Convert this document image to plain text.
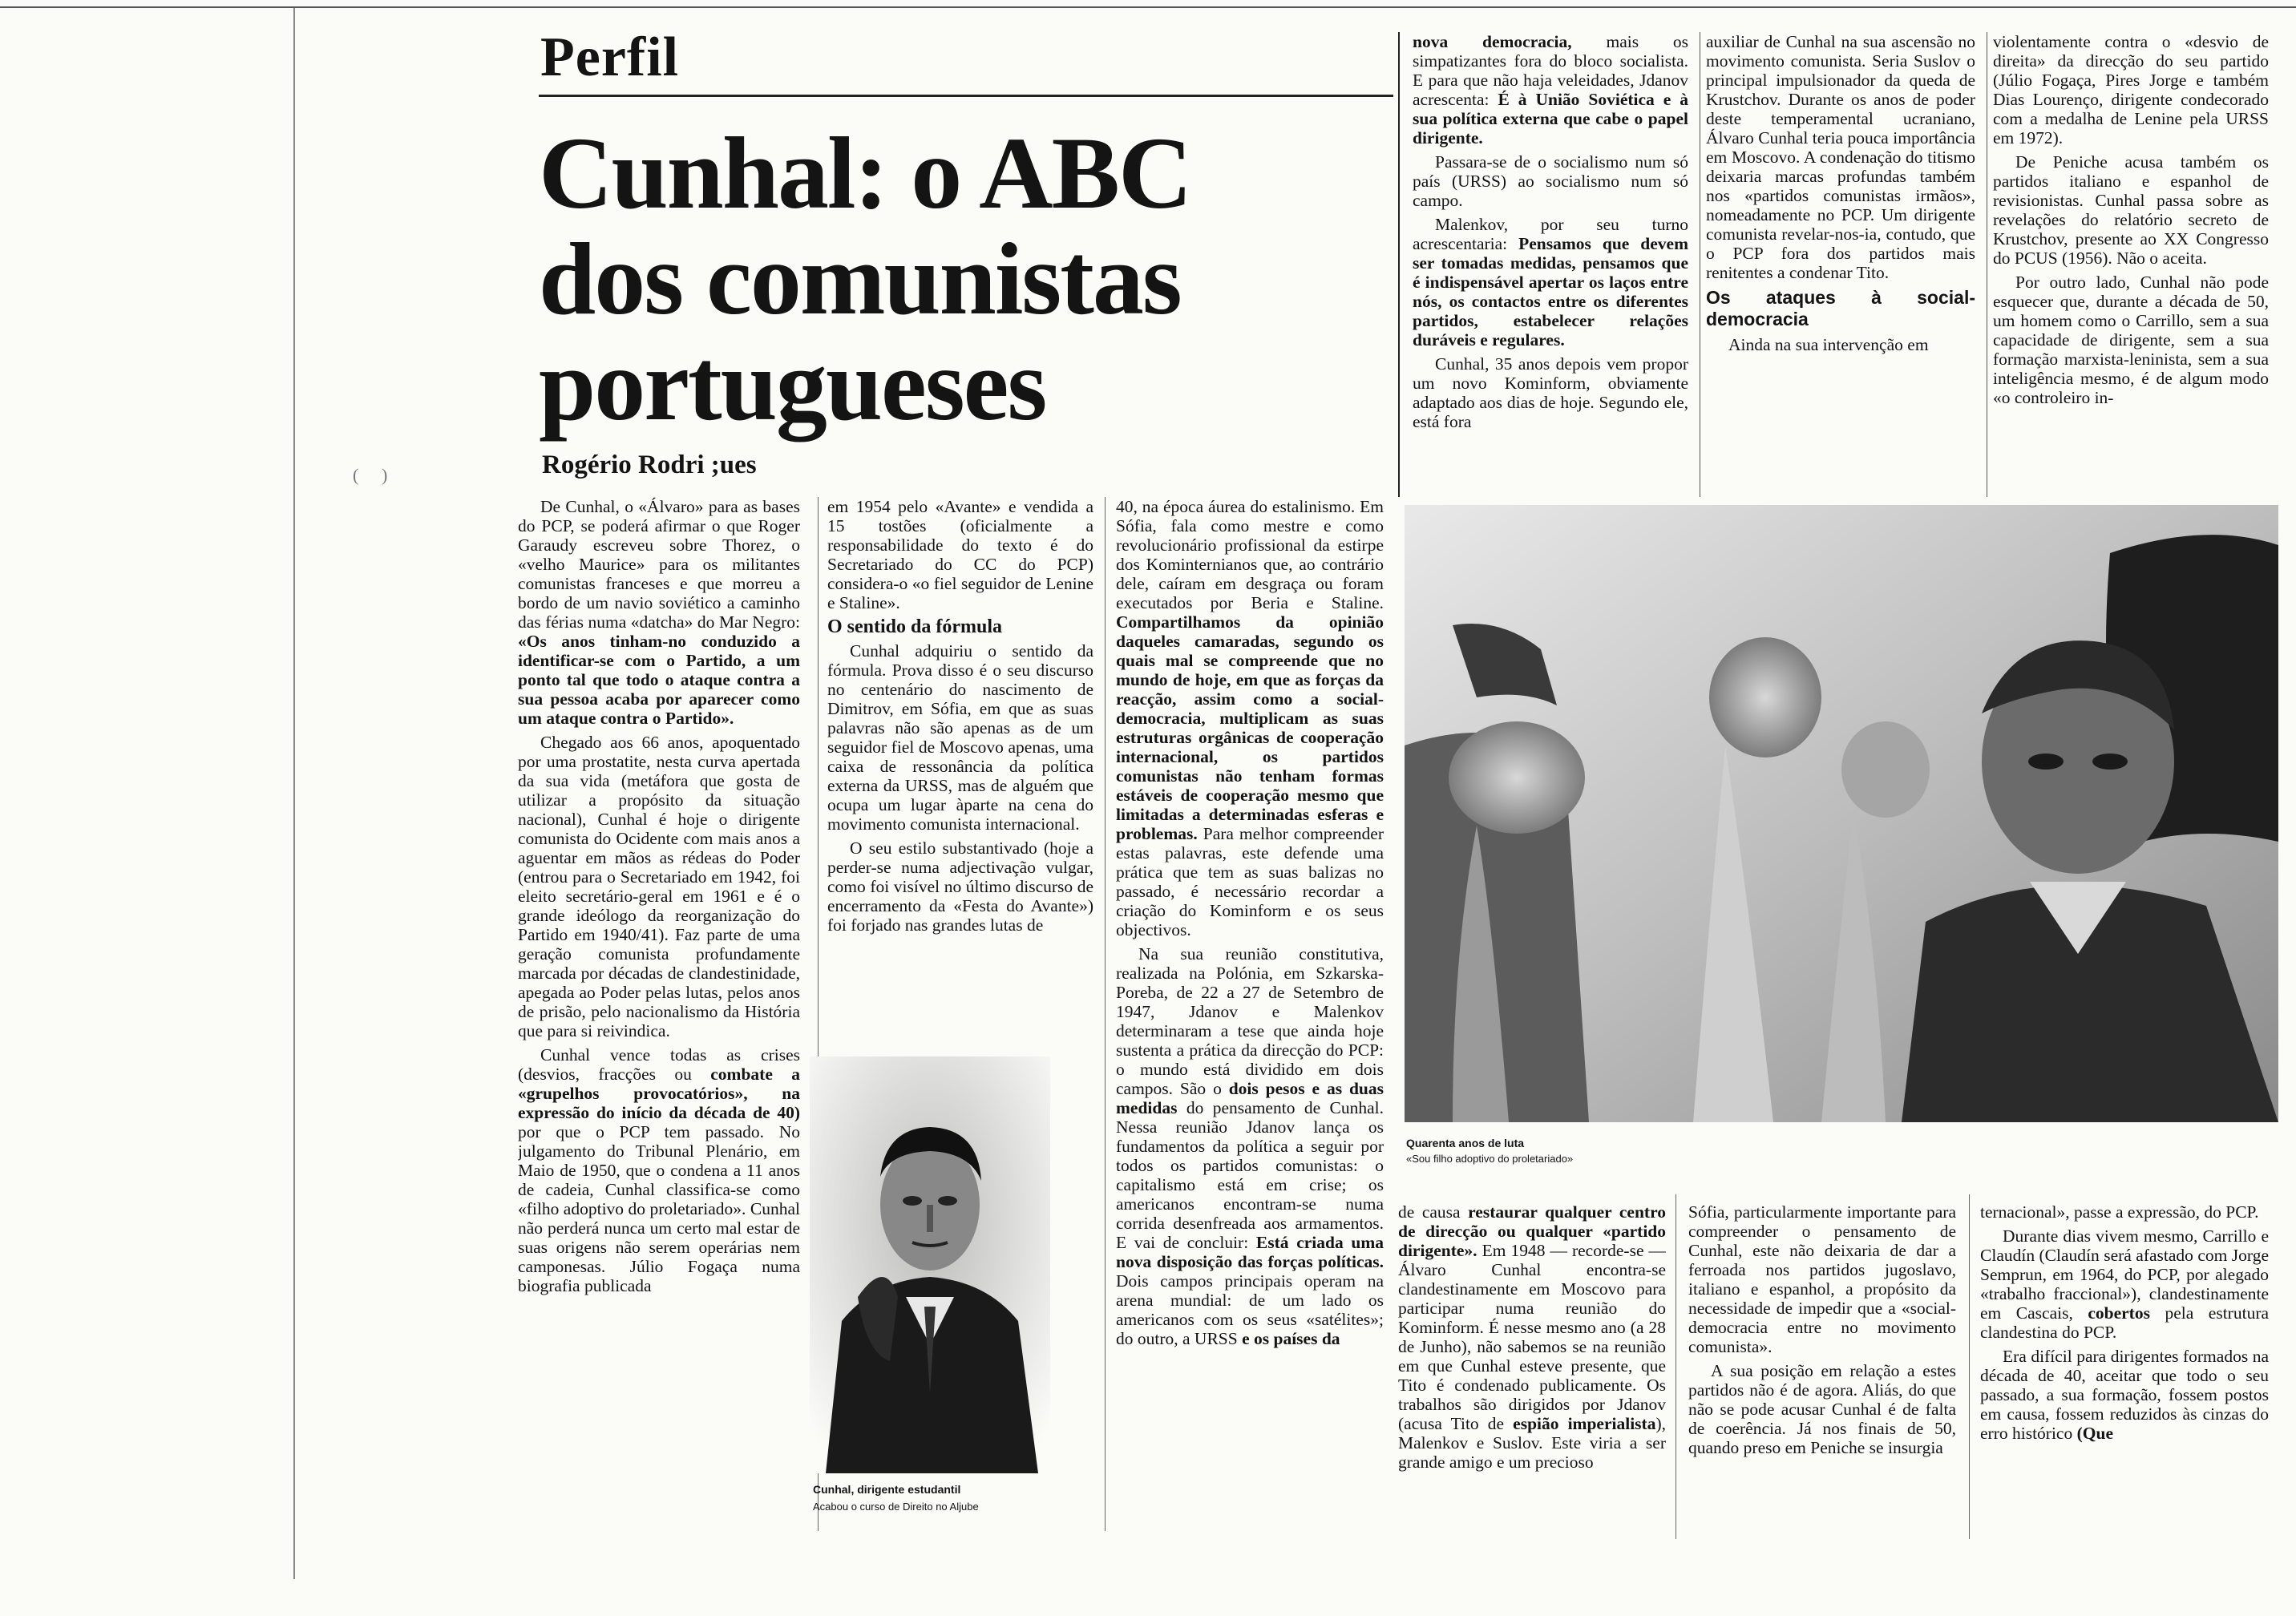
( )
Perfil
Cunhal: o ABC dos comunistas portugueses
Rogério Rodri ;ues

De Cunhal, o «Álvaro» para as bases do PCP, se poderá afirmar o que Roger Garaudy escreveu sobre Thorez, o «velho Maurice» para os militantes comunistas franceses e que morreu a bordo de um navio soviético a caminho das férias numa «datcha» do Mar Negro: «Os anos tinham-no conduzido a identificar-se com o Partido, a um ponto tal que todo o ataque contra a sua pessoa acaba por aparecer como um ataque contra o Partido».

Chegado aos 66 anos, apoquentado por uma prostatite, nesta curva apertada da sua vida (metáfora que gosta de utilizar a propósito da situação nacional), Cunhal é hoje o dirigente comunista do Ocidente com mais anos a aguentar em mãos as rédeas do Poder (entrou para o Secretariado em 1942, foi eleito secretário-geral em 1961 e é o grande ideólogo da reorganização do Partido em 1940/41). Faz parte de uma geração comunista profundamente marcada por décadas de clandestinidade, apegada ao Poder pelas lutas, pelos anos de prisão, pelo nacionalismo da História que para si reivindica.

Cunhal vence todas as crises (desvios, fracções ou combate a «grupelhos provocatórios», na expressão do início da década de 40) por que o PCP tem passado. No julgamento do Tribunal Plenário, em Maio de 1950, que o condena a 11 anos de cadeia, Cunhal classifica-se como «filho adoptivo do proletariado». Cunhal não perderá nunca um certo mal estar de suas origens não serem operárias nem camponesas. Júlio Fogaça numa biografia publicada

em 1954 pelo «Avante» e vendida a 15 tostões (oficialmente a responsabilidade do texto é do Secretariado do CC do PCP) considera-o «o fiel seguidor de Lenine e Staline».

O sentido da fórmula

Cunhal adquiriu o sentido da fórmula. Prova disso é o seu discurso no centenário do nascimento de Dimitrov, em Sófia, em que as suas palavras não são apenas as de um seguidor fiel de Moscovo apenas, uma caixa de ressonância da política externa da URSS, mas de alguém que ocupa um lugar àparte na cena do movimento comunista internacional.

O seu estilo substantivado (hoje a perder-se numa adjectivação vulgar, como foi visível no último discurso de encerramento da «Festa do Avante») foi forjado nas grandes lutas de

Cunhal, dirigente estudantil
Acabou o curso de Direito no Aljube

40, na época áurea do estalinismo. Em Sófia, fala como mestre e como revolucionário profissional da estirpe dos Kominternianos que, ao contrário dele, caíram em desgraça ou foram executados por Beria e Staline. Compartilhamos da opinião daqueles camaradas, segundo os quais mal se compreende que no mundo de hoje, em que as forças da reacção, assim como a social-democracia, multiplicam as suas estruturas orgânicas de cooperação internacional, os partidos comunistas não tenham formas estáveis de cooperação mesmo que limitadas a determinadas esferas e problemas. Para melhor compreender estas palavras, este defende uma prática que tem as suas balizas no passado, é necessário recordar a criação do Kominform e os seus objectivos.

Na sua reunião constitutiva, realizada na Polónia, em Szkarska-Poreba, de 22 a 27 de Setembro de 1947, Jdanov e Malenkov determinaram a tese que ainda hoje sustenta a prática da direcção do PCP: o mundo está dividido em dois campos. São o dois pesos e as duas medidas do pensamento de Cunhal. Nessa reunião Jdanov lança os fundamentos da política a seguir por todos os partidos comunistas: o capitalismo está em crise; os americanos encontram-se numa corrida desenfreada aos armamentos. E vai de concluir: Está criada uma nova disposição das forças políticas. Dois campos principais operam na arena mundial: de um lado os americanos com os seus «satélites»; do outro, a URSS e os países da

nova democracia, mais os simpatizantes fora do bloco socialista. E para que não haja veleidades, Jdanov acrescenta: É à União Soviética e à sua política externa que cabe o papel dirigente.

Passara-se de o socialismo num só país (URSS) ao socialismo num só campo.

Malenkov, por seu turno acrescentaria: Pensamos que devem ser tomadas medidas, pensamos que é indispensável apertar os laços entre nós, os contactos entre os diferentes partidos, estabelecer relações duráveis e regulares.

Cunhal, 35 anos depois vem propor um novo Kominform, obviamente adaptado aos dias de hoje. Segundo ele, está fora

auxiliar de Cunhal na sua ascensão no movimento comunista. Seria Suslov o principal impulsionador da queda de Krustchov. Durante os anos de poder deste temperamental ucraniano, Álvaro Cunhal teria pouca importância em Moscovo. A condenação do titismo deixaria marcas profundas também nos «partidos comunistas irmãos», nomeadamente no PCP. Um dirigente comunista revelar-nos-ia, contudo, que o PCP fora dos partidos mais renitentes a condenar Tito.

Os ataques à social-democracia

Ainda na sua intervenção em

violentamente contra o «desvio de direita» da direcção do seu partido (Júlio Fogaça, Pires Jorge e também Dias Lourenço, dirigente condecorado com a medalha de Lenine pela URSS em 1972).

De Peniche acusa também os partidos italiano e espanhol de revisionistas. Cunhal passa sobre as revelações do relatório secreto de Krustchov, presente ao XX Congresso do PCUS (1956). Não o aceita.

Por outro lado, Cunhal não pode esquecer que, durante a década de 50, um homem como o Carrillo, sem a sua capacidade de dirigente, sem a sua formação marxista-leninista, sem a sua inteligência mesmo, é de algum modo «o controleiro in-

Quarenta anos de luta
«Sou filho adoptivo do proletariado»

de causa restaurar qualquer centro de direcção ou qualquer «partido dirigente». Em 1948 — recorde-se — Álvaro Cunhal encontra-se clandestinamente em Moscovo para participar numa reunião do Kominform. É nesse mesmo ano (a 28 de Junho), não sabemos se na reunião em que Cunhal esteve presente, que Tito é condenado publicamente. Os trabalhos são dirigidos por Jdanov (acusa Tito de espião imperialista), Malenkov e Suslov. Este viria a ser grande amigo e um precioso

Sófia, particularmente importante para compreender o pensamento de Cunhal, este não deixaria de dar a ferroada nos partidos jugoslavo, italiano e espanhol, a propósito da necessidade de impedir que a «social-democracia entre no movimento comunista».

A sua posição em relação a estes partidos não é de agora. Aliás, do que não se pode acusar Cunhal é de falta de coerência. Já nos finais de 50, quando preso em Peniche se insurgia

ternacional», passe a expressão, do PCP.

Durante dias vivem mesmo, Carrillo e Claudín (Claudín será afastado com Jorge Semprun, em 1964, do PCP, por alegado «trabalho fraccional»), clandestinamente em Cascais, cobertos pela estrutura clandestina do PCP.

Era difícil para dirigentes formados na década de 40, aceitar que todo o seu passado, a sua formação, fossem postos em causa, fossem reduzidos às cinzas do erro histórico (Que
